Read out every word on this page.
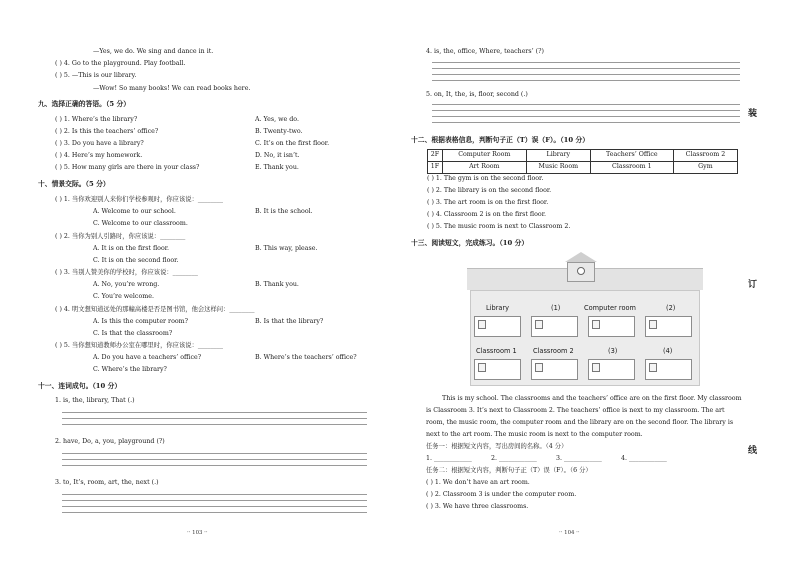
—Yes, we do. We sing and dance in it.
( ) 4. Go to the playground. Play football.
( ) 5. —This is our library.
—Wow! So many books! We can read books here.
九、选择正确的答语。（5 分）
( ) 1. Where’s the library?
( ) 2. Is this the teachers’ office?
( ) 3. Do you have a library?
( ) 4. Here’s my homework.
( ) 5. How many girls are there in your class?
A. Yes, we do.
B. Twenty-two.
C. It’s on the first floor.
D. No, it isn’t.
E. Thank you.
十、情景交际。（5 分）
( ) 1. 当你欢迎别人来你们学校参观时，你应该说：________
A. Welcome to our school.	B. It is the school.
C. Welcome to our classroom.
( ) 2. 当你为别人引路时，你应该说：________
A. It is on the first floor.	B. This way, please.
C. It is on the second floor.
( ) 3. 当别人赞美你的学校时，你应该说：________
A. No, you’re wrong.	B. Thank you.
C. You’re welcome.
( ) 4. 明文想知道远处的那幢高楼是否是图书馆，他会这样问：________
A. Is this the computer room?	B. Is that the library?
C. Is that the classroom?
( ) 5. 当你想知道教师办公室在哪里时，你应该说：________
A. Do you have a teachers’ office?	B. Where’s the teachers’ office?
C. Where’s the library?
十一、连词成句。（10 分）
1. is, the, library, That (.)
2. have, Do, a, you, playground (?)
3. to, It’s, room, art, the, next (.)
·· 103 ··
4. is, the, office, Where, teachers’ (?)
5. on, It, the, is, floor, second (.)
十二、根据表格信息，判断句子正（T）误（F）。（10 分）
2F	Computer Room	Library	Teachers’ Office	Classroom 2
1F	Art Room	Music Room	Classroom 1	Gym
( ) 1. The gym is on the second floor.
( ) 2. The library is on the second floor.
( ) 3. The art room is on the first floor.
( ) 4. Classroom 2 is on the first floor.
( ) 5. The music room is next to Classroom 2.
十三、阅读短文，完成练习。（10 分）
Library	(1)	Computer room	(2)
Classroom 1 Classroom 2	(3)	(4)
This is my school. The classrooms and the teachers’ office are on the first floor. My classroom
is Classroom 3. It’s next to Classroom 2. The teachers’ office is next to my classroom. The art
room, the music room, the computer room and the library are on the second floor. The library is
next to the art room. The music room is next to the computer room.
任务一：根据短文内容，写出房间的名称。（4 分）
1. ____________	2. ____________	3. ____________	4. ____________
任务二：根据短文内容，判断句子正（T）误（F）。（6 分）
( ) 1. We don’t have an art room.
( ) 2. Classroom 3 is under the computer room.
( ) 3. We have three classrooms.
·· 104 ··
装
订
线
